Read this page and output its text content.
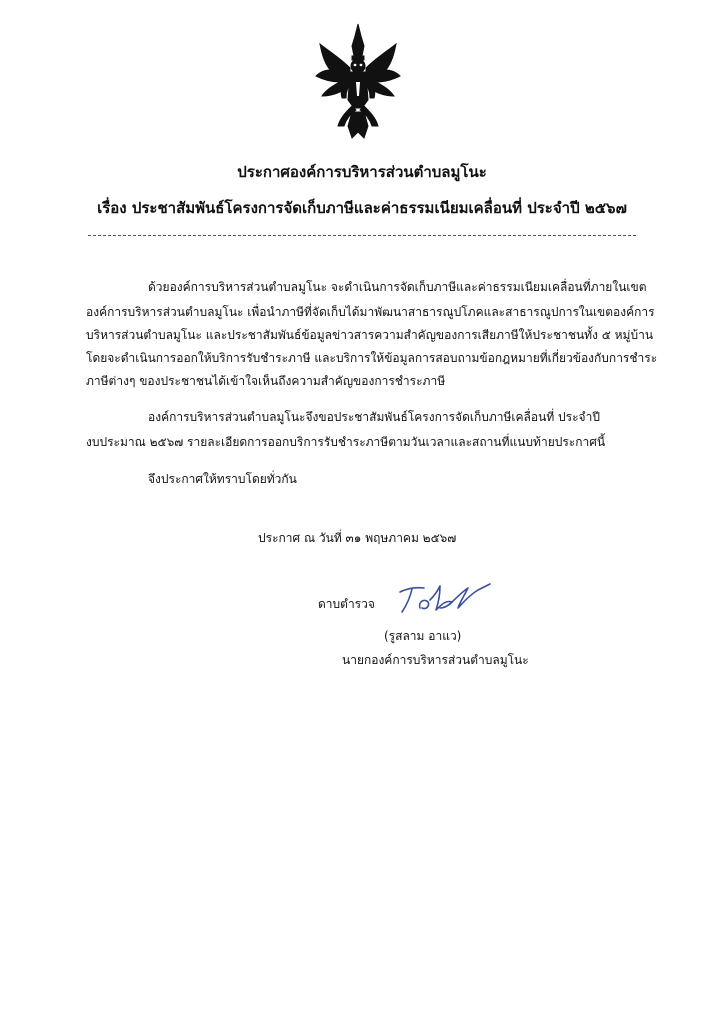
ประกาศองค์การบริหารส่วนตำบลมูโนะ
เรื่อง ประชาสัมพันธ์โครงการจัดเก็บภาษีและค่าธรรมเนียมเคลื่อนที่ ประจำปี ๒๕๖๗
ด้วยองค์การบริหารส่วนตำบลมูโนะ จะดำเนินการจัดเก็บภาษีและค่าธรรมเนียมเคลื่อนที่ภายในเขต
องค์การบริหารส่วนตำบลมูโนะ เพื่อนำภาษีที่จัดเก็บได้มาพัฒนาสาธารณูปโภคและสาธารณูปการในเขตองค์การ
บริหารส่วนตำบลมูโนะ และประชาสัมพันธ์ข้อมูลข่าวสารความสำคัญของการเสียภาษีให้ประชาชนทั้ง ๕ หมู่บ้าน
โดยจะดำเนินการออกให้บริการรับชำระภาษี และบริการให้ข้อมูลการสอบถามข้อกฎหมายที่เกี่ยวข้องกับการชำระ
ภาษีต่างๆ ของประชาชนได้เข้าใจเห็นถึงความสำคัญของการชำระภาษี
องค์การบริหารส่วนตำบลมูโนะจึงขอประชาสัมพันธ์โครงการจัดเก็บภาษีเคลื่อนที่ ประจำปี
งบประมาณ ๒๕๖๗ รายละเอียดการออกบริการรับชำระภาษีตามวันเวลาและสถานที่แนบท้ายประกาศนี้
จึงประกาศให้ทราบโดยทั่วกัน
ประกาศ ณ วันที่ ๓๑ พฤษภาคม ๒๕๖๗
ดาบตำรวจ
(รูสลาม อาแว)
นายกองค์การบริหารส่วนตำบลมูโนะ
